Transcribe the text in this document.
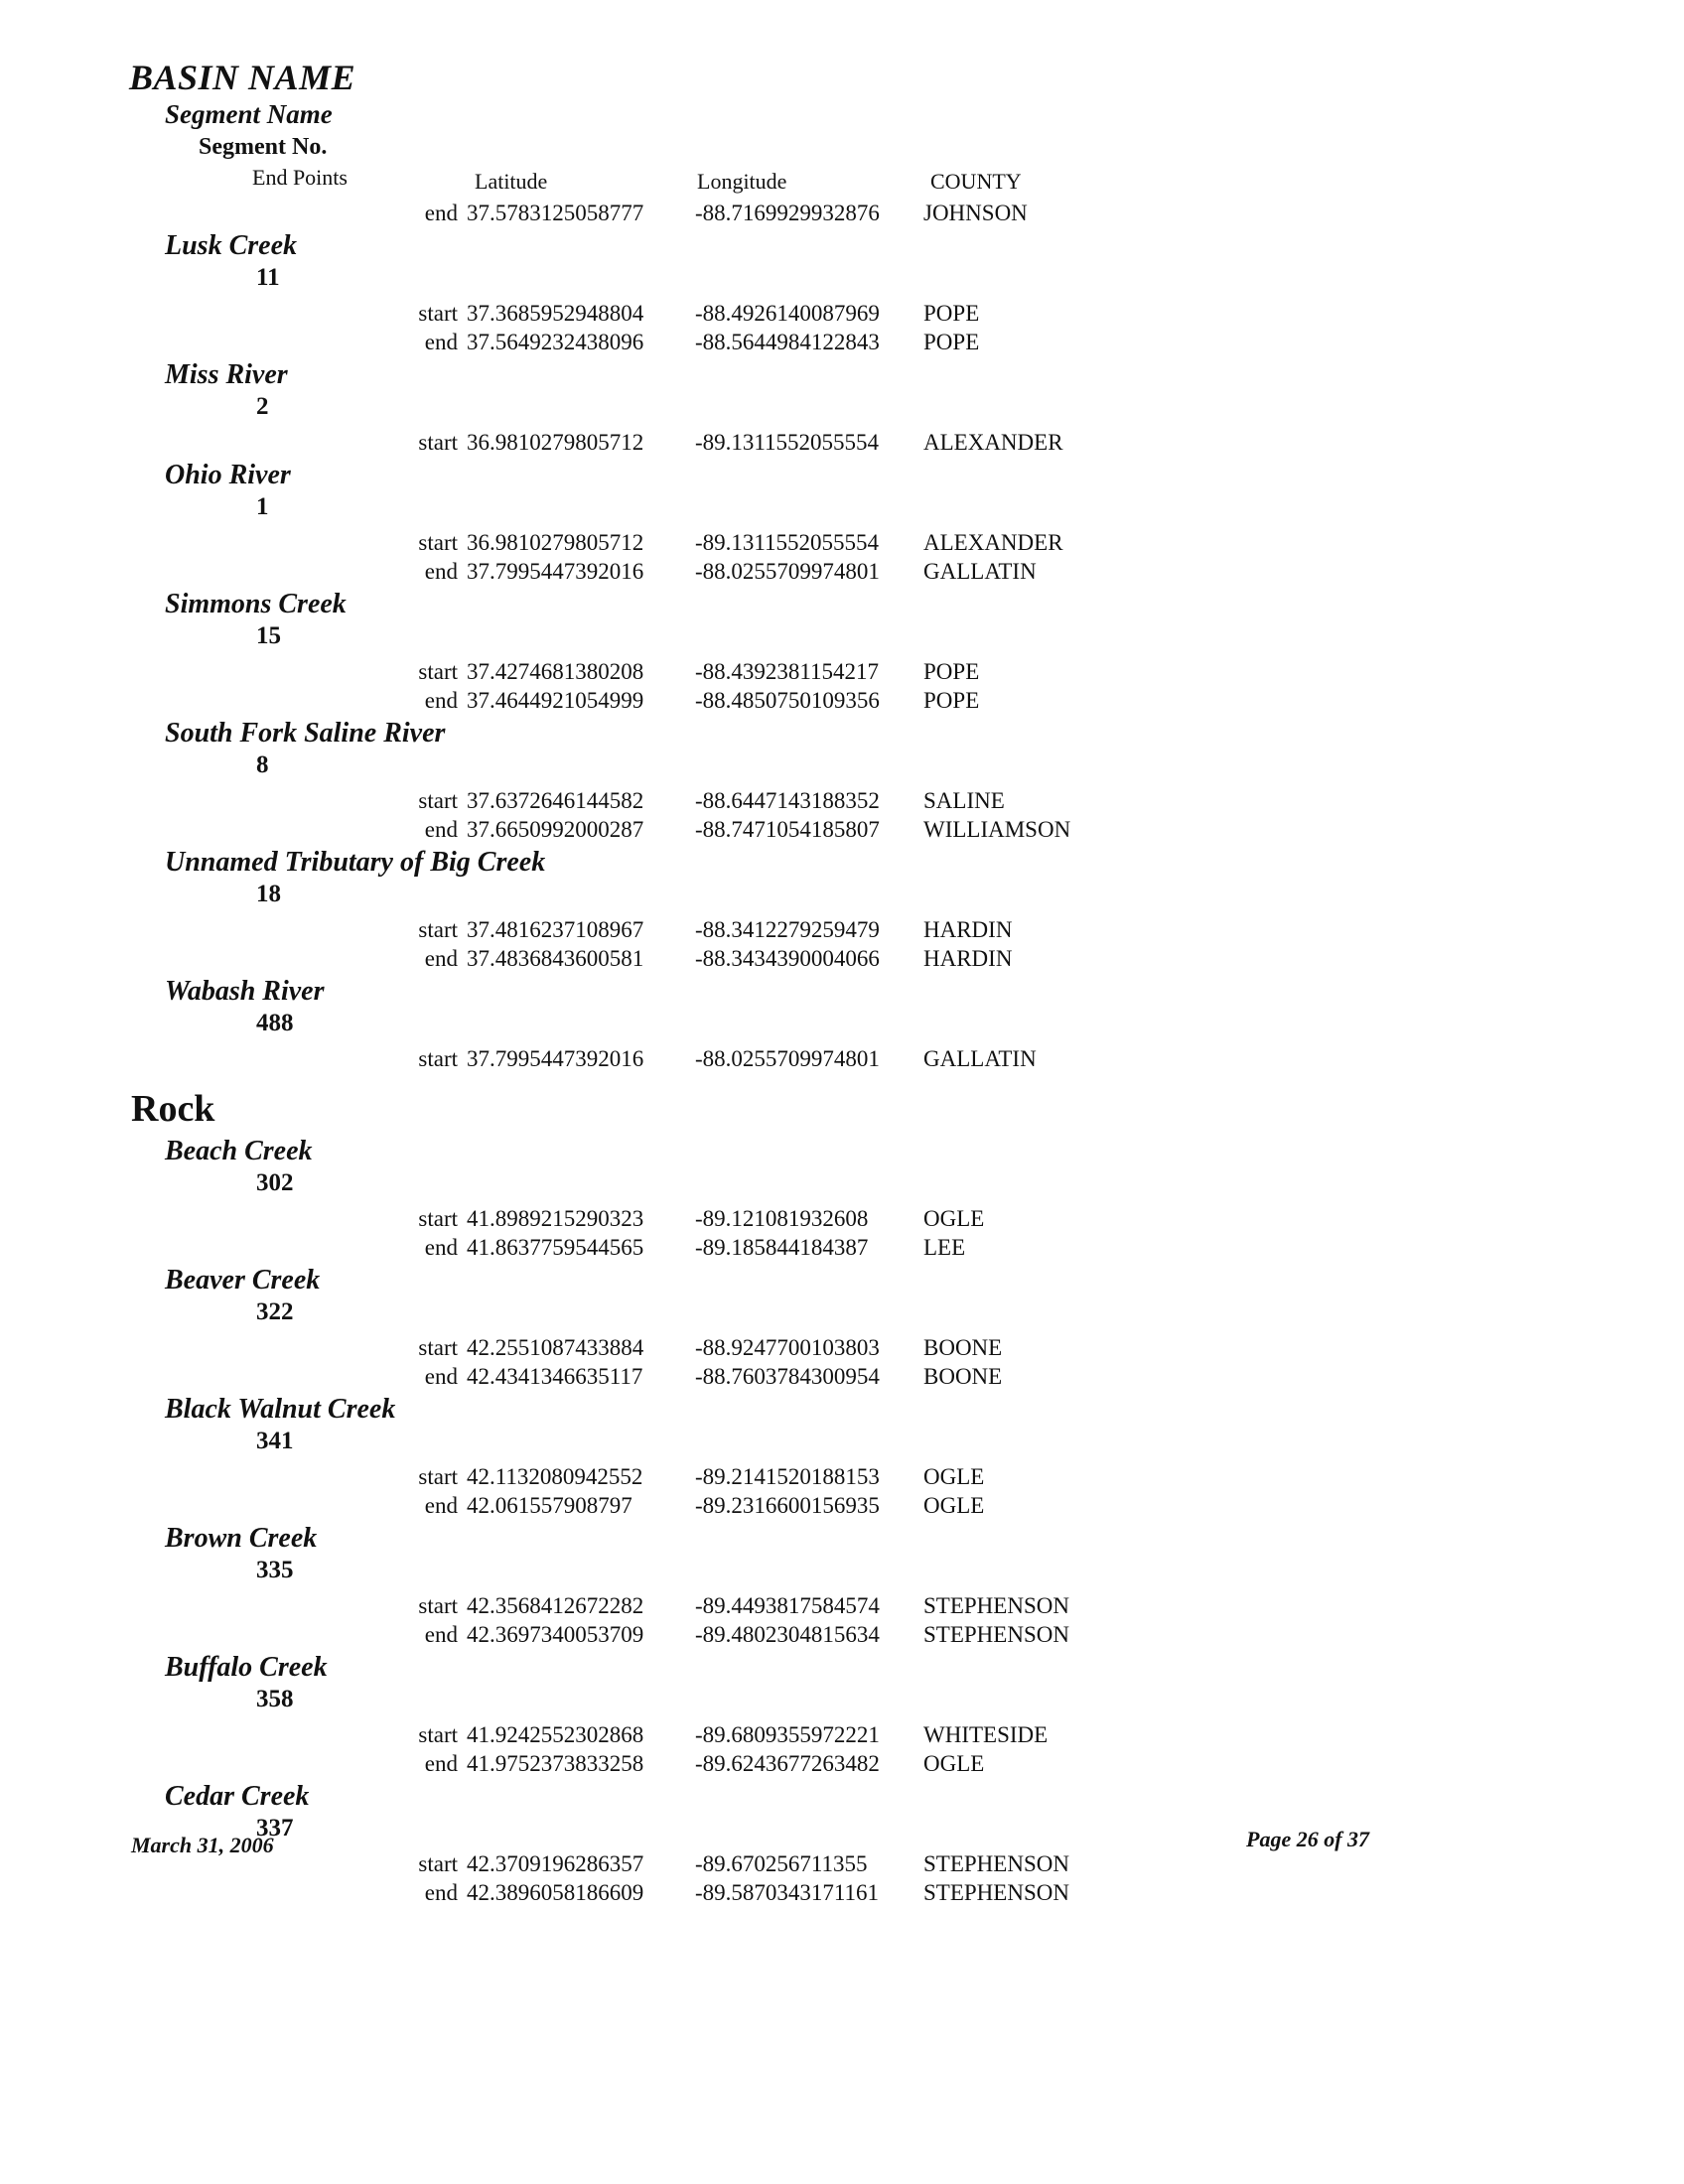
BASIN NAME
Segment Name
Segment No.
End Points	Latitude	Longitude	COUNTY
end 37.5783125058777 -88.7169929932876 JOHNSON
Lusk Creek
11
start 37.3685952948804 -88.4926140087969 POPE
end 37.5649232438096 -88.5644984122843 POPE
Miss River
2
start 36.9810279805712 -89.1311552055554 ALEXANDER
Ohio River
1
start 36.9810279805712 -89.1311552055554 ALEXANDER
end 37.7995447392016 -88.0255709974801 GALLATIN
Simmons Creek
15
start 37.4274681380208 -88.4392381154217 POPE
end 37.4644921054999 -88.4850750109356 POPE
South Fork Saline River
8
start 37.6372646144582 -88.6447143188352 SALINE
end 37.6650992000287 -88.7471054185807 WILLIAMSON
Unnamed Tributary of Big Creek
18
start 37.4816237108967 -88.3412279259479 HARDIN
end 37.4836843600581 -88.3434390004066 HARDIN
Wabash River
488
start 37.7995447392016 -88.0255709974801 GALLATIN
Rock
Beach Creek
302
start 41.8989215290323 -89.121081932608 OGLE
end 41.8637759544565 -89.185844184387 LEE
Beaver Creek
322
start 42.2551087433884 -88.9247700103803 BOONE
end 42.4341346635117 -88.7603784300954 BOONE
Black Walnut Creek
341
start 42.1132080942552 -89.2141520188153 OGLE
end 42.061557908797	-89.2316600156935 OGLE
Brown Creek
335
start 42.3568412672282 -89.4493817584574 STEPHENSON
end 42.3697340053709 -89.4802304815634 STEPHENSON
Buffalo Creek
358
start 41.9242552302868 -89.6809355972221 WHITESIDE
end 41.9752373833258 -89.6243677263482 OGLE
Cedar Creek
337
start 42.3709196286357 -89.670256711355 STEPHENSON
end 42.3896058186609 -89.5870343171161 STEPHENSON
March 31, 2006	Page 26 of 37
